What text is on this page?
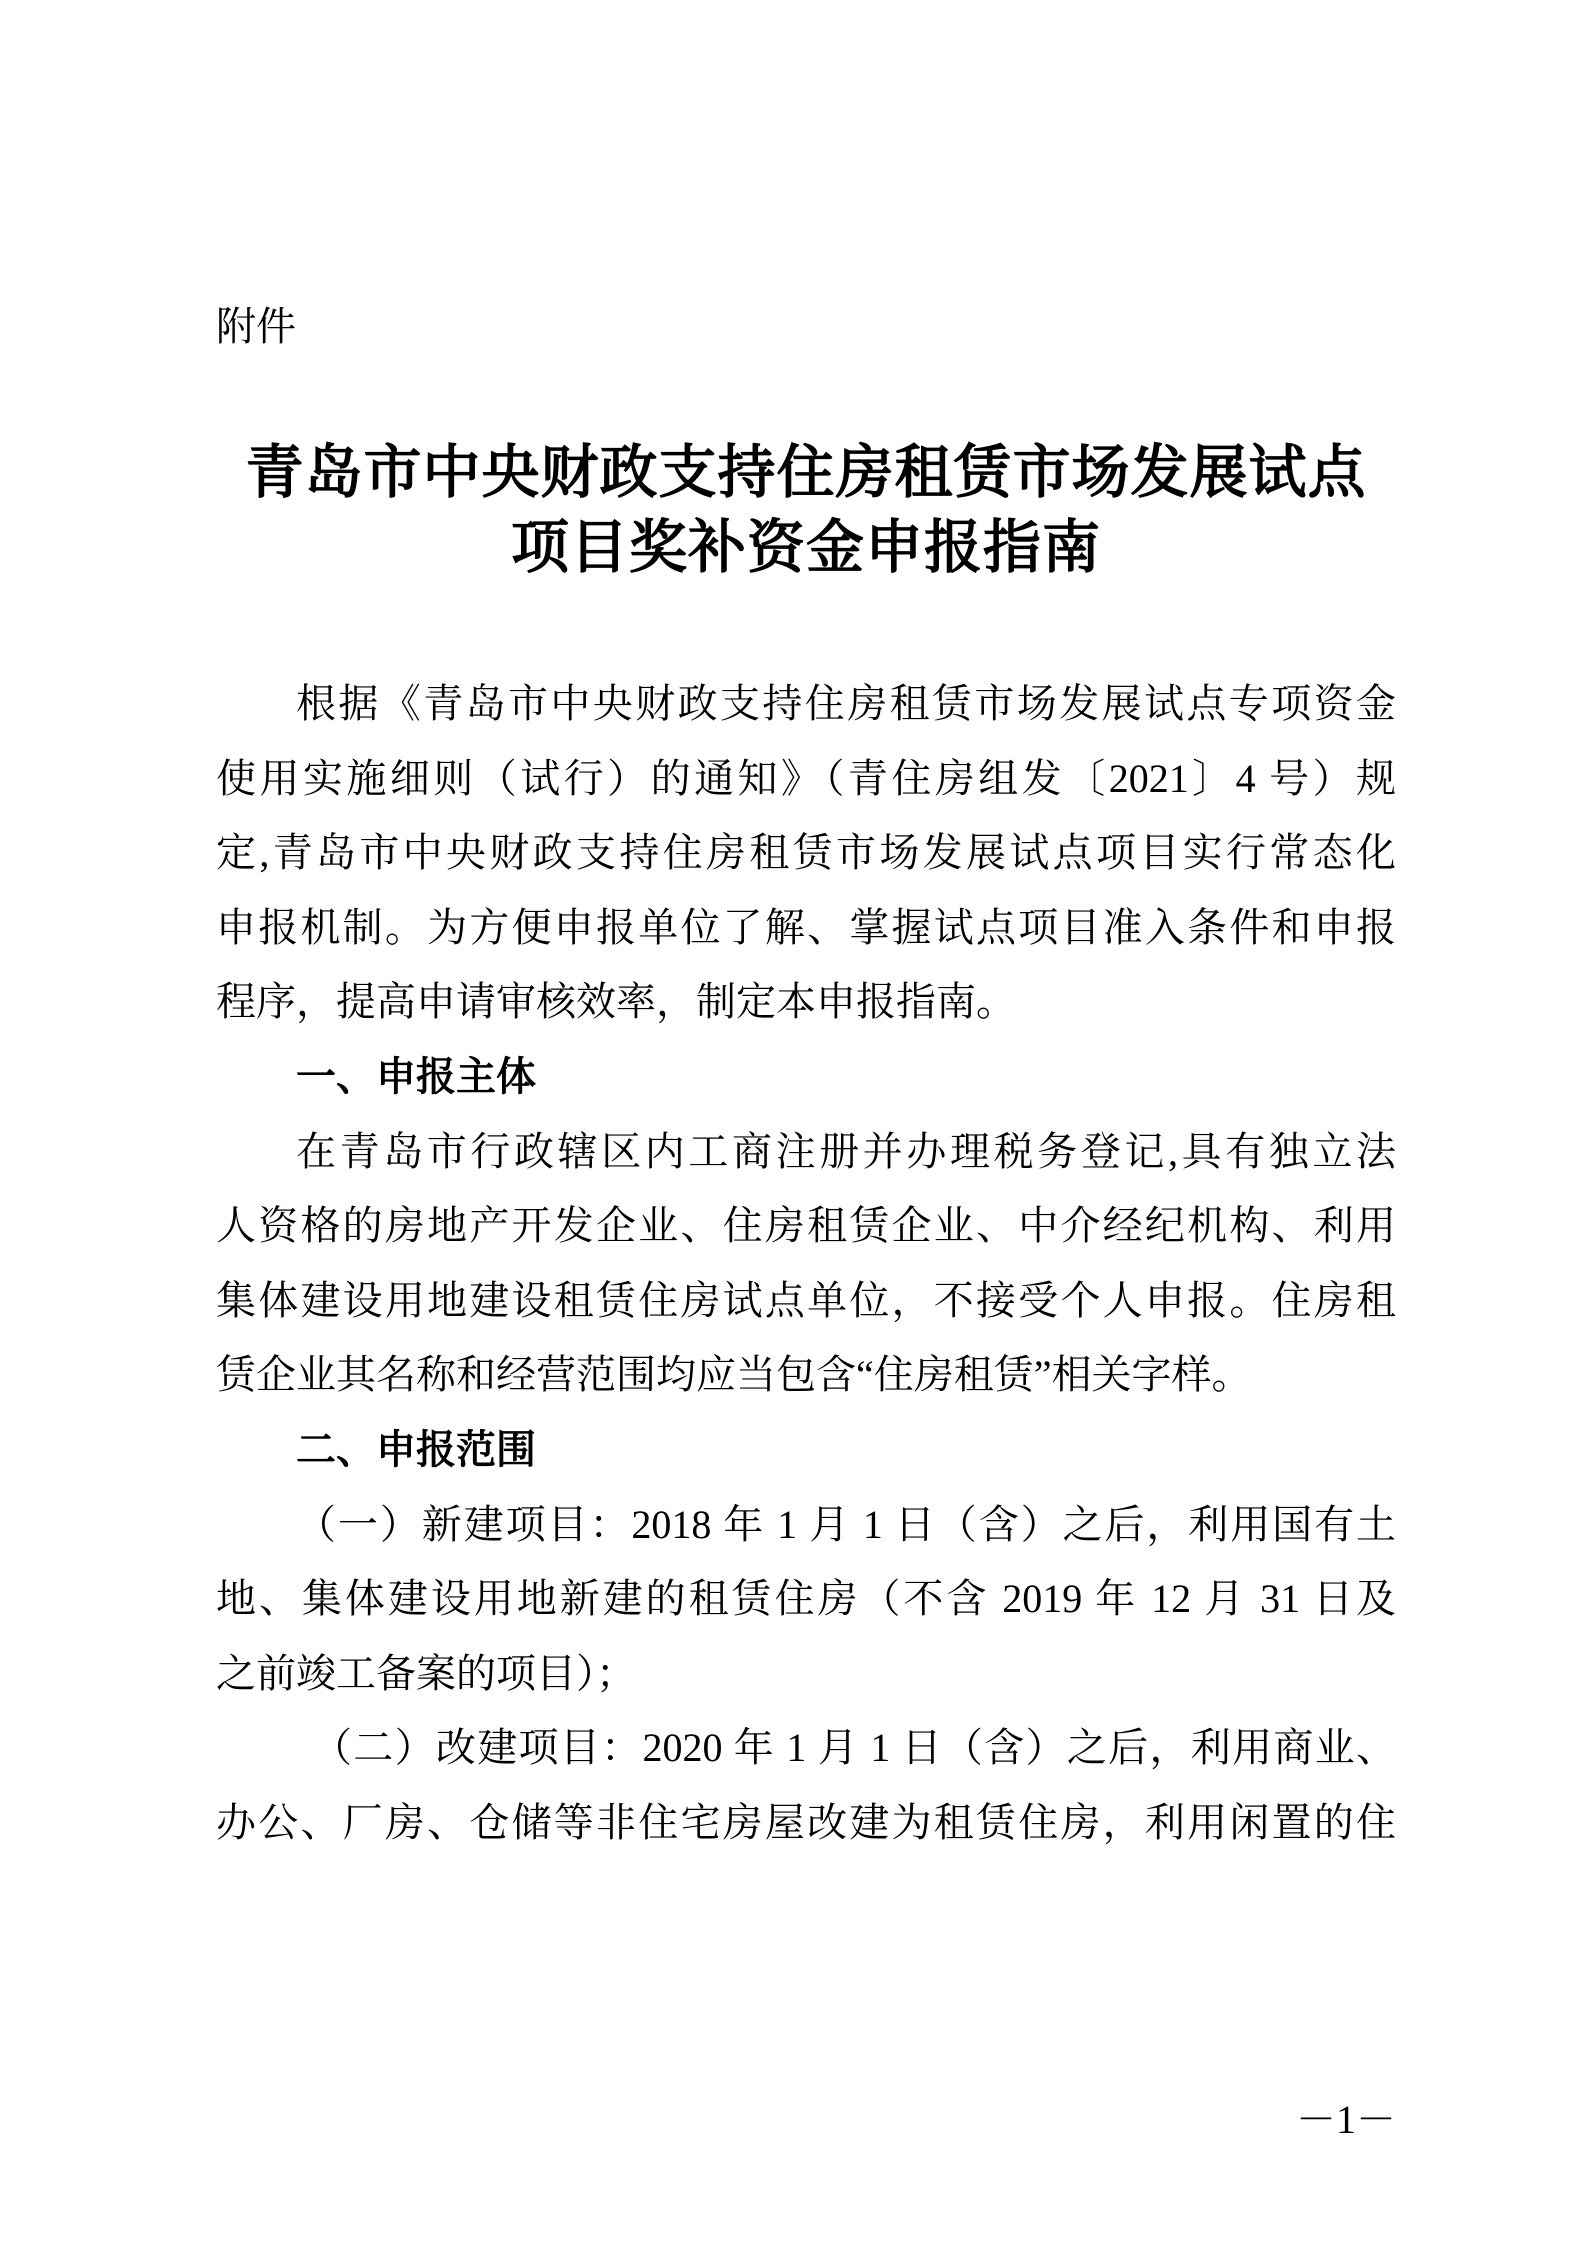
附件
青岛市中央财政支持住房租赁市场发展试点
项目奖补资金申报指南
根据《青岛市中央财政支持住房租赁市场发展试点专项资金
使用实施细则（试行）的通知》（青住房组发〔2021〕4 号）规
定,青岛市中央财政支持住房租赁市场发展试点项目实行常态化
申报机制。为方便申报单位了解、掌握试点项目准入条件和申报
程序，提高申请审核效率，制定本申报指南。
一、申报主体
在青岛市行政辖区内工商注册并办理税务登记,具有独立法
人资格的房地产开发企业、住房租赁企业、中介经纪机构、利用
集体建设用地建设租赁住房试点单位，不接受个人申报。住房租
赁企业其名称和经营范围均应当包含“住房租赁”相关字样。
二、申报范围
（一）新建项目：2018 年 1 月 1 日（含）之后，利用国有土
地、集体建设用地新建的租赁住房（不含 2019 年 12 月 31 日及
之前竣工备案的项目）；
（二）改建项目：2020 年 1 月 1 日（含）之后，利用商业、
办公、厂房、仓储等非住宅房屋改建为租赁住房，利用闲置的住
－1－
